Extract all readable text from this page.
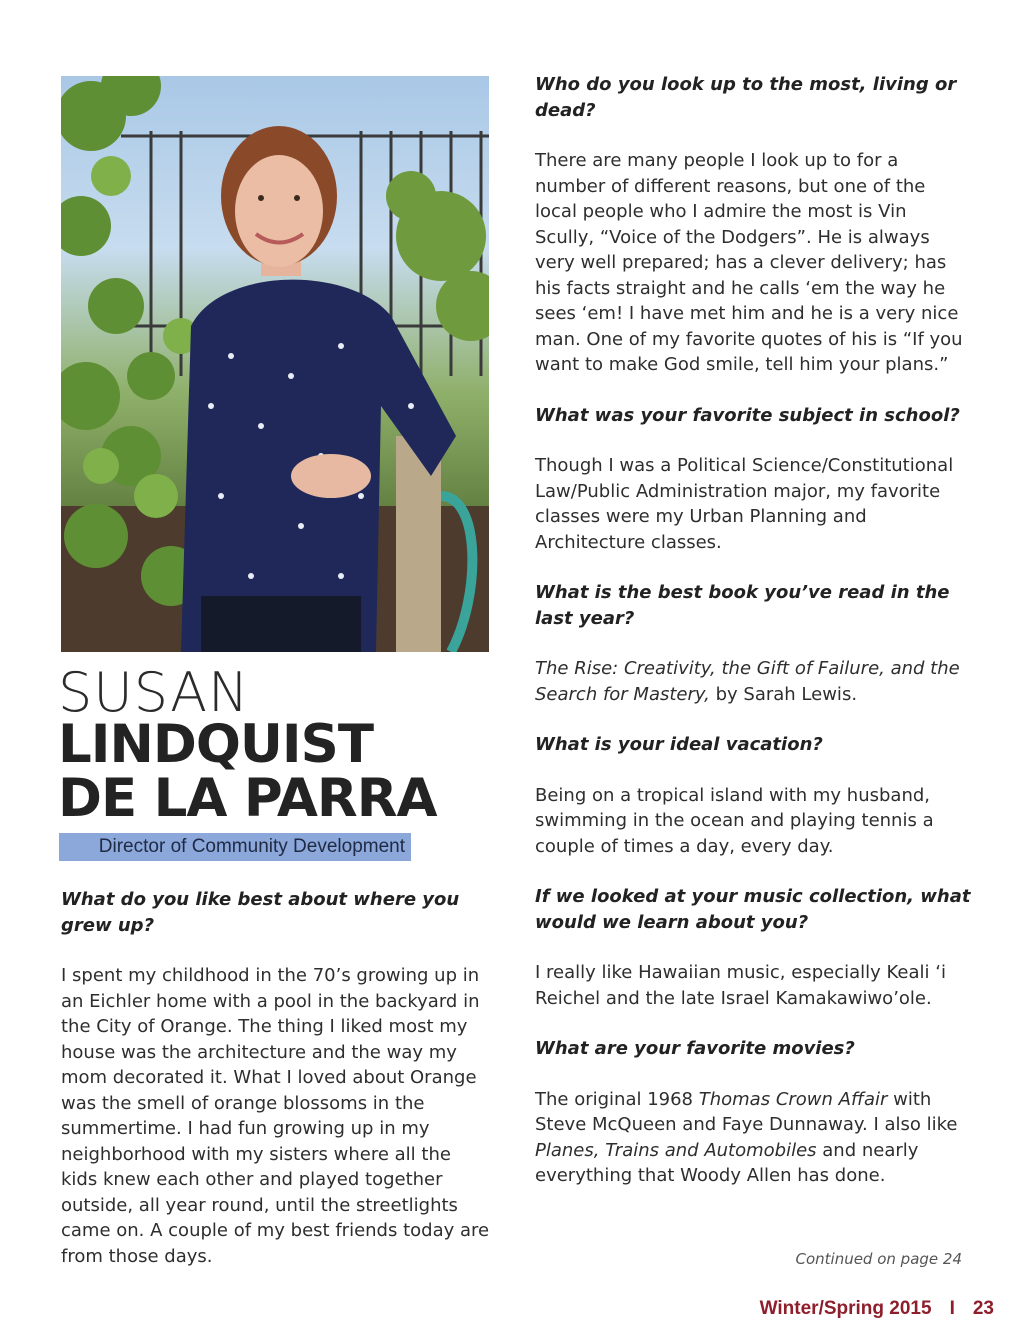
SUSAN
LINDQUIST
DE LA PARRA
Director of Community Development

What do you like best about where you grew up?

I spent my childhood in the 70’s growing up in an Eichler home with a pool in the backyard in the City of Orange. The thing I liked most my house was the architecture and the way my mom decorated it. What I loved about Orange was the smell of orange blossoms in the summertime. I had fun growing up in my neighborhood with my sisters where all the kids knew each other and played together outside, all year round, until the streetlights came on. A couple of my best friends today are from those days.

Who do you look up to the most, living or dead?

There are many people I look up to for a number of different reasons, but one of the local people who I admire the most is Vin Scully, “Voice of the Dodgers”. He is always very well prepared; has a clever delivery; has his facts straight and he calls ‘em the way he sees ‘em! I have met him and he is a very nice man. One of my favorite quotes of his is “If you want to make God smile, tell him your plans.”

What was your favorite subject in school?

Though I was a Political Science/Constitutional Law/Public Administration major, my favorite classes were my Urban Planning and Architecture classes.

What is the best book you’ve read in the last year?

The Rise: Creativity, the Gift of Failure, and the Search for Mastery, by Sarah Lewis.

What is your ideal vacation?

Being on a tropical island with my husband, swimming in the ocean and playing tennis a couple of times a day, every day.

If we looked at your music collection, what would we learn about you?

I really like Hawaiian music, especially Keali ‘i Reichel and the late Israel Kamakawiwo’ole.

What are your favorite movies?

The original 1968 Thomas Crown Affair with Steve McQueen and Faye Dunnaway. I also like Planes, Trains and Automobiles and nearly everything that Woody Allen has done.

Continued on page 24
Winter/Spring 2015 I 23
